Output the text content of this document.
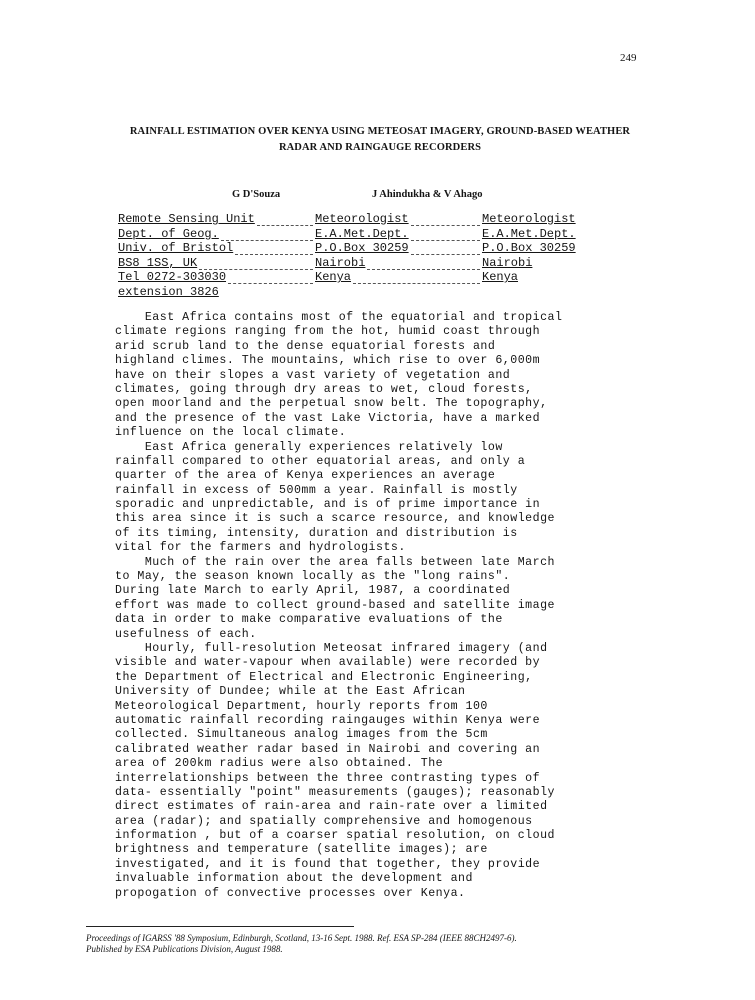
249
RAINFALL ESTIMATION OVER KENYA USING METEOSAT IMAGERY, GROUND-BASED WEATHER
RADAR AND RAINGAUGE RECORDERS
G D'Souza	J Ahindukha & V Ahago
Remote Sensing Unit	Meteorologist	Meteorologist
Dept. of Geog.	E.A.Met.Dept.	E.A.Met.Dept.
Univ. of Bristol	P.O.Box 30259	P.O.Box 30259
BS8 1SS, UK	Nairobi	Nairobi
Tel 0272-303030	Kenya	Kenya
extension 3826
East Africa contains most of the equatorial and tropical
climate regions ranging from the hot, humid coast through
arid scrub land to the dense equatorial forests and
highland climes. The mountains, which rise to over 6,000m
have on their slopes a vast variety of vegetation and
climates, going through dry areas to wet, cloud forests,
open moorland and the perpetual snow belt. The topography,
and the presence of the vast Lake Victoria, have a marked
influence on the local climate.
East Africa generally experiences relatively low
rainfall compared to other equatorial areas, and only a
quarter of the area of Kenya experiences an average
rainfall in excess of 500mm a year. Rainfall is mostly
sporadic and unpredictable, and is of prime importance in
this area since it is such a scarce resource, and knowledge
of its timing, intensity, duration and distribution is
vital for the farmers and hydrologists.
Much of the rain over the area falls between late March
to May, the season known locally as the "long rains".
During late March to early April, 1987, a coordinated
effort was made to collect ground-based and satellite image
data in order to make comparative evaluations of the
usefulness of each.
Hourly, full-resolution Meteosat infrared imagery (and
visible and water-vapour when available) were recorded by
the Department of Electrical and Electronic Engineering,
University of Dundee; while at the East African
Meteorological Department, hourly reports from 100
automatic rainfall recording raingauges within Kenya were
collected. Simultaneous analog images from the 5cm
calibrated weather radar based in Nairobi and covering an
area of 200km radius were also obtained. The
interrelationships between the three contrasting types of
data- essentially "point" measurements (gauges); reasonably
direct estimates of rain-area and rain-rate over a limited
area (radar); and spatially comprehensive and homogenous
information , but of a coarser spatial resolution, on cloud
brightness and temperature (satellite images); are
investigated, and it is found that together, they provide
invaluable information about the development and
propogation of convective processes over Kenya.
Proceedings of IGARSS '88 Symposium, Edinburgh, Scotland, 13-16 Sept. 1988. Ref. ESA SP-284 (IEEE 88CH2497-6).
Published by ESA Publications Division, August 1988.
